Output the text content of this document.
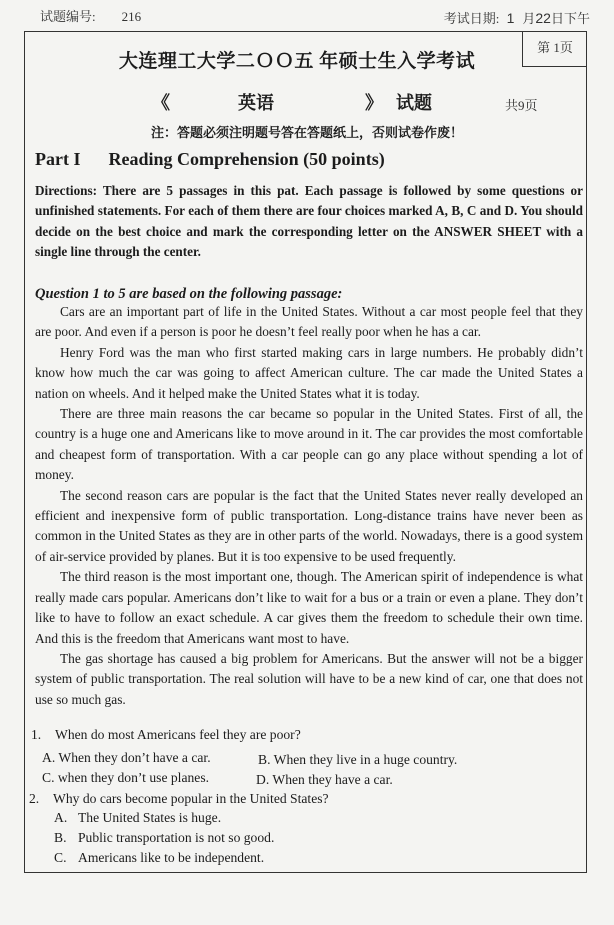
试题编号: 216	考试日期: 1 月22日下午
第 1页
大连理工大学二ＯＯ五 年硕士生入学考试
《	英语	》 试题	共9页
注：答题必须注明题号答在答题纸上，否则试卷作废！
Part I Reading Comprehension (50 points)
Directions: There are 5 passages in this pat. Each passage is followed by some questions or unfinished statements. For each of them there are four choices marked A, B, C and D. You should decide on the best choice and mark the corresponding letter on the ANSWER SHEET with a single line through the center.
Question 1 to 5 are based on the following passage:

Cars are an important part of life in the United States. Without a car most people feel that they are poor. And even if a person is poor he doesn’t feel really poor when he has a car.

Henry Ford was the man who first started making cars in large numbers. He probably didn’t know how much the car was going to affect American culture. The car made the United States a nation on wheels. And it helped make the United States what it is today.

There are three main reasons the car became so popular in the United States. First of all, the country is a huge one and Americans like to move around in it. The car provides the most comfortable and cheapest form of transportation. With a car people can go any place without spending a lot of money.

The second reason cars are popular is the fact that the United States never really developed an efficient and inexpensive form of public transportation. Long-distance trains have never been as common in the United States as they are in other parts of the world. Nowadays, there is a good system of air-service provided by planes. But it is too expensive to be used frequently.

The third reason is the most important one, though. The American spirit of independence is what really made cars popular. Americans don’t like to wait for a bus or a train or even a plane. They don’t like to have to follow an exact schedule. A car gives them the freedom to schedule their own time. And this is the freedom that Americans want most to have.

The gas shortage has caused a big problem for Americans. But the answer will not be a bigger system of public transportation. The real solution will have to be a new kind of car, one that does not use so much gas.

1. When do most Americans feel they are poor?
A. When they don’t have a car.	B. When they live in a huge country.
C. when they don’t use planes.	D. When they have a car.
2. Why do cars become popular in the United States?
A. The United States is huge.
B. Public transportation is not so good.
C. Americans like to be independent.
